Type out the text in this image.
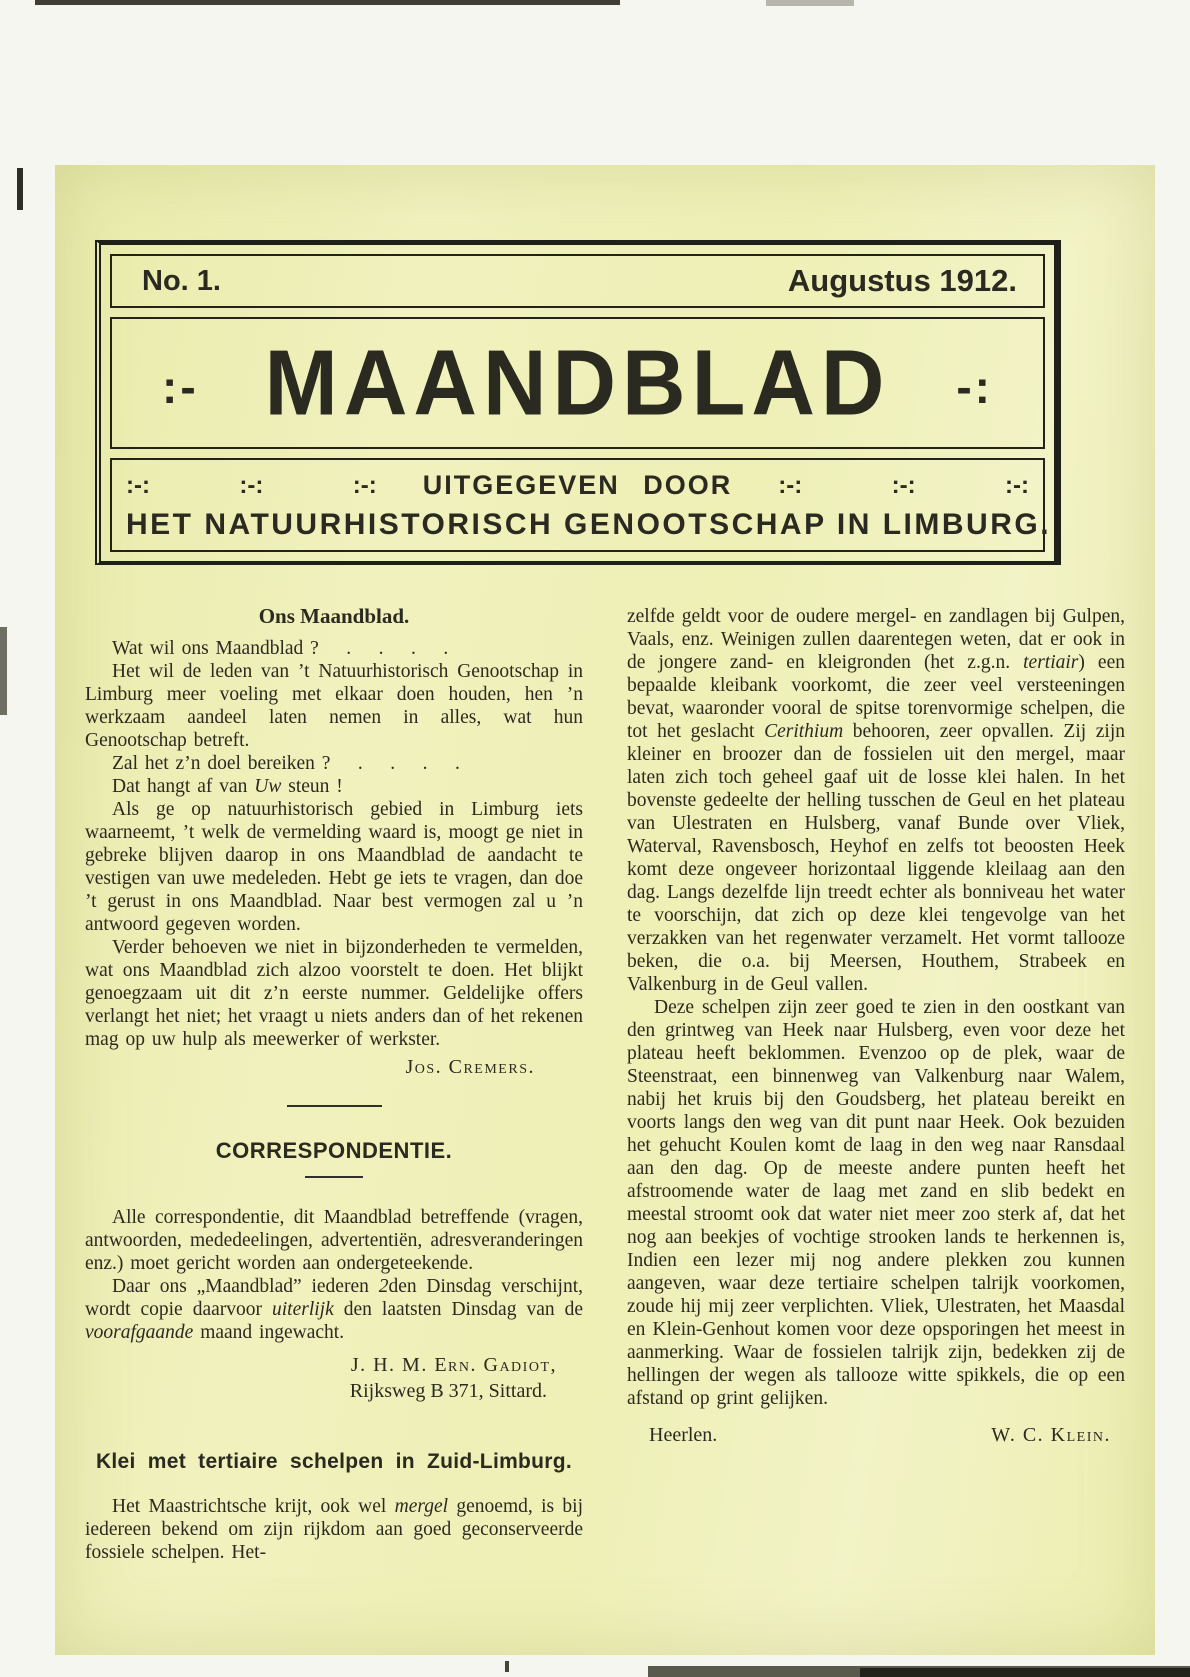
No. 1.	Augustus 1912.
:- MAANDBLAD -:
:-:	:-:	:-: UITGEGEVEN DOOR :-:	:-:	:-:
HET NATUURHISTORISCH GENOOTSCHAP IN LIMBURG.
Ons Maandblad.

Wat wil ons Maandblad ?    .    .    .    .

Het wil de leden van ’t Natuurhistorisch Genootschap in Limburg meer voeling met elkaar doen houden, hen ’n werkzaam aandeel laten nemen in alles, wat hun Genootschap betreft.

Zal het z’n doel bereiken ?    .    .    .    .

Dat hangt af van Uw steun !

Als ge op natuurhistorisch gebied in Limburg iets waarneemt, ’t welk de vermelding waard is, moogt ge niet in gebreke blijven daarop in ons Maandblad de aandacht te vestigen van uwe medeleden. Hebt ge iets te vragen, dan doe ’t gerust in ons Maandblad. Naar best vermogen zal u ’n antwoord gegeven worden.

Verder behoeven we niet in bijzonderheden te vermelden, wat ons Maandblad zich alzoo voorstelt te doen. Het blijkt genoegzaam uit dit z’n eerste nummer. Geldelijke offers verlangt het niet; het vraagt u niets anders dan of het rekenen mag op uw hulp als meewerker of werkster.

Jos. Cremers.
CORRESPONDENTIE.

Alle correspondentie, dit Maandblad betreffende (vragen, antwoorden, mededeelingen, advertentiën, adresveranderingen enz.) moet gericht worden aan ondergeteekende.

Daar ons „Maandblad” iederen 2den Dinsdag verschijnt, wordt copie daarvoor uiterlijk den laatsten Dinsdag van de voorafgaande maand ingewacht.

J. H. M. Ern. Gadiot,
Rijksweg B 371, Sittard.
Klei met tertiaire schelpen in Zuid-Limburg.

Het Maastrichtsche krijt, ook wel mergel genoemd, is bij iedereen bekend om zijn rijkdom aan goed geconserveerde fossiele schelpen. Het-

zelfde geldt voor de oudere mergel- en zandlagen bij Gulpen, Vaals, enz. Weinigen zullen daarentegen weten, dat er ook in de jongere zand- en kleigronden (het z.g.n. tertiair) een bepaalde kleibank voorkomt, die zeer veel versteeningen bevat, waaronder vooral de spitse torenvormige schelpen, die tot het geslacht Cerithium behooren, zeer opvallen. Zij zijn kleiner en broozer dan de fossielen uit den mergel, maar laten zich toch geheel gaaf uit de losse klei halen. In het bovenste gedeelte der helling tusschen de Geul en het plateau van Ulestraten en Hulsberg, vanaf Bunde over Vliek, Waterval, Ravensbosch, Heyhof en zelfs tot beoosten Heek komt deze ongeveer horizontaal liggende kleilaag aan den dag. Langs dezelfde lijn treedt echter als bonniveau het water te voorschijn, dat zich op deze klei tengevolge van het verzakken van het regenwater verzamelt. Het vormt tallooze beken, die o.a. bij Meersen, Houthem, Strabeek en Valkenburg in de Geul vallen.

Deze schelpen zijn zeer goed te zien in den oostkant van den grintweg van Heek naar Hulsberg, even voor deze het plateau heeft beklommen. Evenzoo op de plek, waar de Steenstraat, een binnenweg van Valkenburg naar Walem, nabij het kruis bij den Goudsberg, het plateau bereikt en voorts langs den weg van dit punt naar Heek. Ook bezuiden het gehucht Koulen komt de laag in den weg naar Ransdaal aan den dag. Op de meeste andere punten heeft het afstroomende water de laag met zand en slib bedekt en meestal stroomt ook dat water niet meer zoo sterk af, dat het nog aan beekjes of vochtige strooken lands te herkennen is, Indien een lezer mij nog andere plekken zou kunnen aangeven, waar deze tertiaire schelpen talrijk voorkomen, zoude hij mij zeer verplichten. Vliek, Ulestraten, het Maasdal en Klein-Genhout komen voor deze opsporingen het meest in aanmerking. Waar de fossielen talrijk zijn, bedekken zij de hellingen der wegen als tallooze witte spikkels, die op een afstand op grint gelijken.

Heerlen.	W. C. Klein.
